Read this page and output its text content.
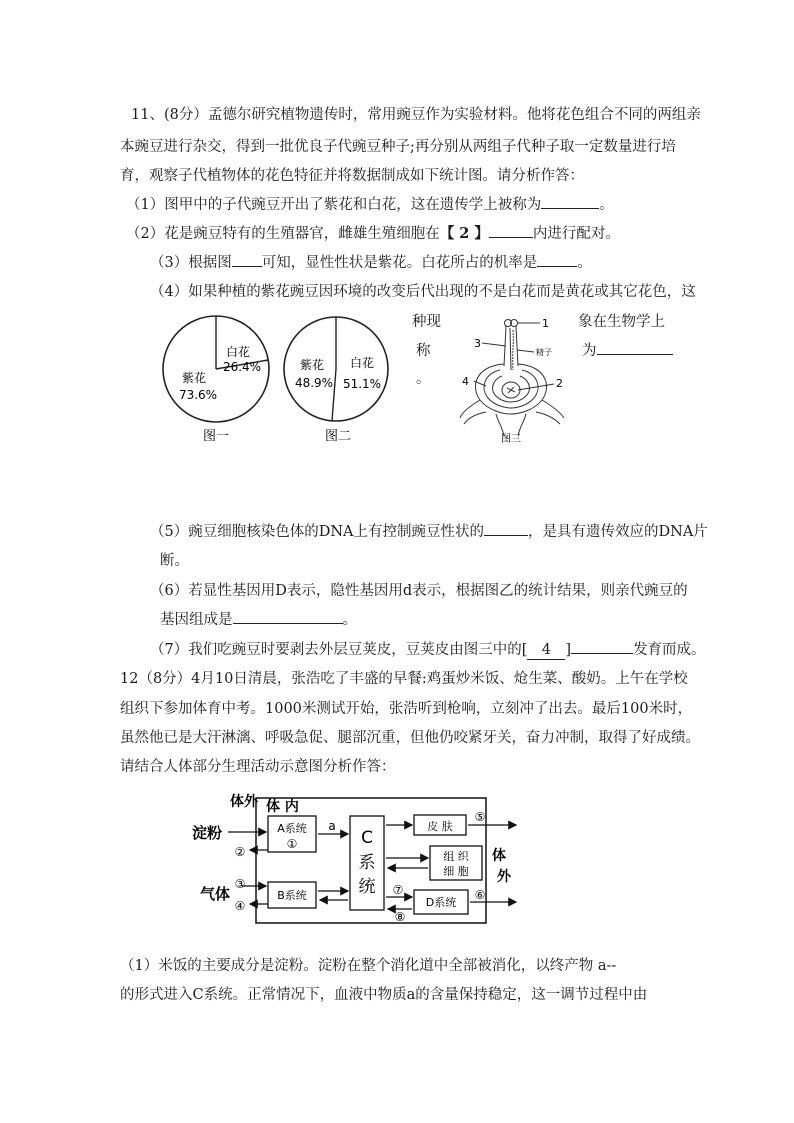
11、(8分）孟德尔研究植物遗传时，常用豌豆作为实验材料。他将花色组合不同的两组亲
本豌豆进行杂交，得到一批优良子代豌豆种子;再分别从两组子代种子取一定数量进行培
育，观察子代植物体的花色特征并将数据制成如下统计图。请分析作答：
（1）图甲中的子代豌豆开出了紫花和白花，这在遗传学上被称为	。
（2）花是豌豆特有的生殖器官，雌雄生殖细胞在【 2 】	内进行配对。
（3）根据图 可知，显性性状是紫花。白花所占的机率是	。
（4）如果种植的紫花豌豆因环境的改变后代出现的不是白花而是黄花或其它花色，这
种现
称
。
象在生物学上
为
白花
26.4%
紫花
73.6%
图一
紫花
48.9%
白花
51.1%
图二
1
3
精子
4	2
图三
（5）豌豆细胞核染色体的DNA上有控制豌豆性状的	，是具有遗传效应的DNA片
断。
（6）若显性基因用D表示，隐性基因用d表示，根据图乙的统计结果，则亲代豌豆的
基因组成是	。
（7）我们吃豌豆时要剥去外层豆荚皮，豆荚皮由图三中的[ 4 ]	发育而成。
12（8分）4月10日清晨，张浩吃了丰盛的早餐:鸡蛋炒米饭、炝生菜、酸奶。上午在学校
组织下参加体育中考。1000米测试开始，张浩听到枪响，立刻冲了出去。最后100米时，
虽然他已是大汗淋漓、呼吸急促、腿部沉重，但他仍咬紧牙关，奋力冲制，取得了好成绩。
请结合人体部分生理活动示意图分析作答：
体外 体 内
A系统
①	C
系
统
B系统
皮 肤
组 织
细 胞
D系统
体
外
淀粉
气体
a
②
③
④
⑤
⑥
⑦
⑧
（1）米饭的主要成分是淀粉。淀粉在整个消化道中全部被消化，以终产物 a--
的形式进入C系统。正常情况下，血液中物质a的含量保持稳定，这一调节过程中由
